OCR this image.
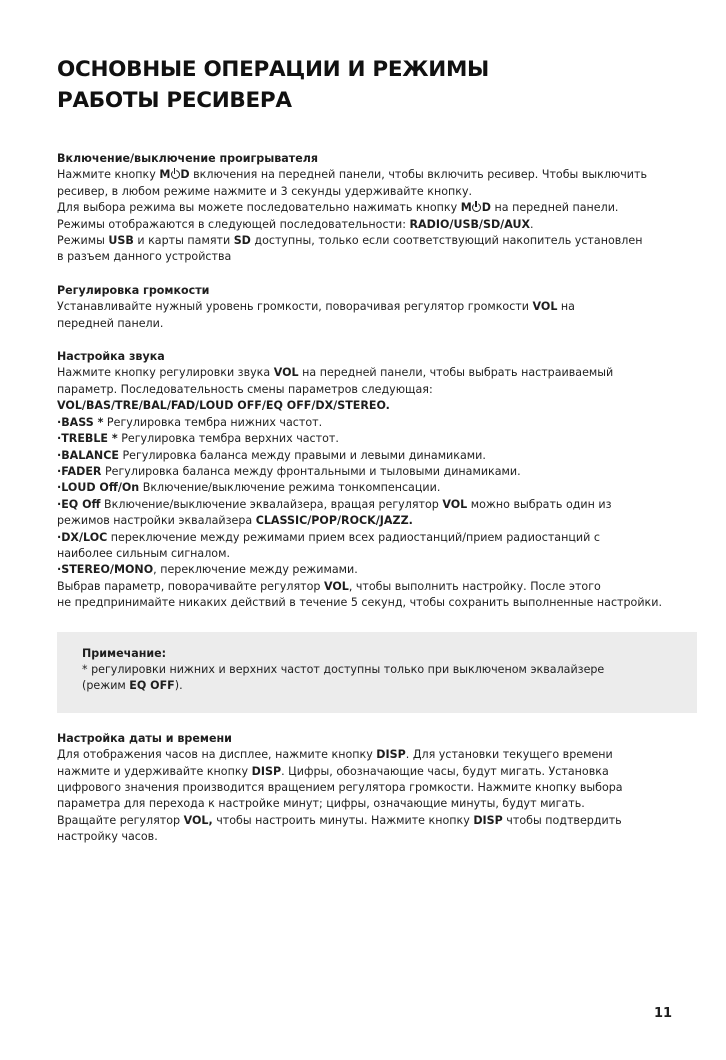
ОСНОВНЫЕ ОПЕРАЦИИ И РЕЖИМЫ
РАБОТЫ РЕСИВЕРА
Включение/выключение проигрывателя
Нажмите кнопку M D включения на передней панели, чтобы включить ресивер. Чтобы выключить
ресивер, в любом режиме нажмите и 3 секунды удерживайте кнопку.
Для выбора режима вы можете последовательно нажимать кнопку M D на передней панели.
Режимы отображаются в следующей последовательности: RADIO/USB/SD/AUX.
Режимы USB и карты памяти SD доступны, только если соответствующий накопитель установлен
в разъем данного устройства
Регулировка громкости
Устанавливайте нужный уровень громкости, поворачивая регулятор громкости VOL на
передней панели.
Настройка звука
Нажмите кнопку регулировки звука VOL на передней панели, чтобы выбрать настраиваемый
параметр. Последовательность смены параметров следующая:
VOL/BAS/TRE/BAL/FAD/LOUD OFF/EQ OFF/DX/STEREO.
·BASS * Регулировка тембра нижних частот.
·TREBLE * Регулировка тембра верхних частот.
·BALANCE Регулировка баланса между правыми и левыми динамиками.
·FADER Регулировка баланса между фронтальными и тыловыми динамиками.
·LOUD Off/On Включение/выключение режима тонкомпенсации.
·EQ Off Включение/выключение эквалайзера, вращая регулятор VOL можно выбрать один из
режимов настройки эквалайзера CLASSIC/POP/ROCK/JAZZ.
·DX/LOC переключение между режимами прием всех радиостанций/прием радиостанций с
наиболее сильным сигналом.
·STEREO/MONO, переключение между режимами.
Выбрав параметр, поворачивайте регулятор VOL, чтобы выполнить настройку. После этого
не предпринимайте никаких действий в течение 5 секунд, чтобы сохранить выполненные настройки.
Примечание:
* регулировки нижних и верхних частот доступны только при выключеном эквалайзере
(режим EQ OFF).
Настройка даты и времени
Для отображения часов на дисплее, нажмите кнопку DISP. Для установки текущего времени
нажмите и удерживайте кнопку DISP. Цифры, обозначающие часы, будут мигать. Установка
цифрового значения производится вращением регулятора громкости. Нажмите кнопку выбора
параметра для перехода к настройке минут; цифры, означающие минуты, будут мигать.
Вращайте регулятор VOL, чтобы настроить минуты. Нажмите кнопку DISP чтобы подтвердить
настройку часов.
11
